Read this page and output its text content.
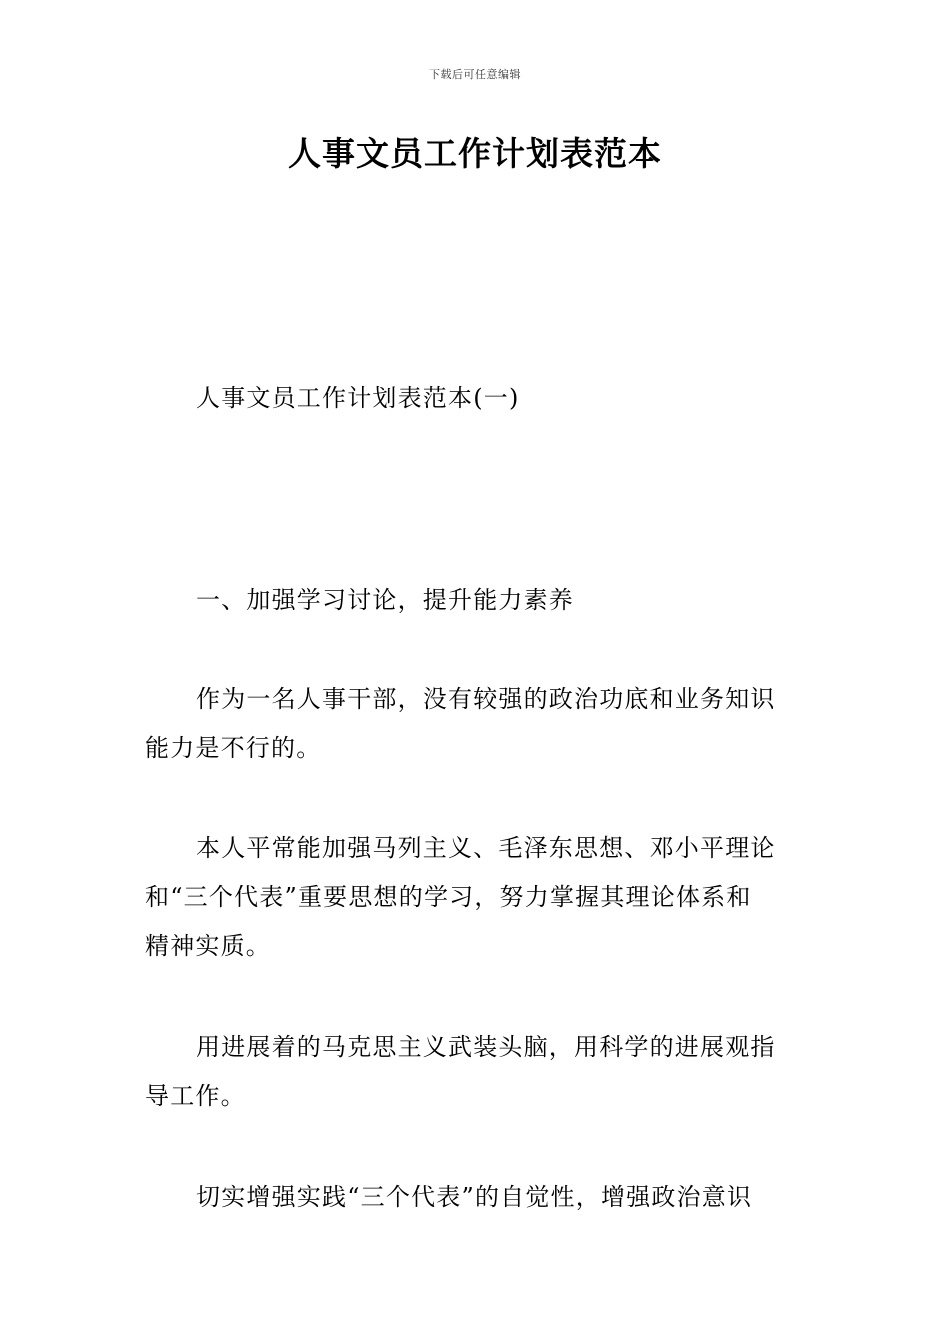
下载后可任意编辑
人事文员工作计划表范本
人事文员工作计划表范本(一)
一、加强学习讨论，提升能力素养
作为一名人事干部，没有较强的政治功底和业务知识
能力是不行的。
本人平常能加强马列主义、毛泽东思想、邓小平理论
和“三个代表”重要思想的学习，努力掌握其理论体系和
精神实质。
用进展着的马克思主义武装头脑，用科学的进展观指
导工作。
切实增强实践“三个代表”的自觉性，增强政治意识
